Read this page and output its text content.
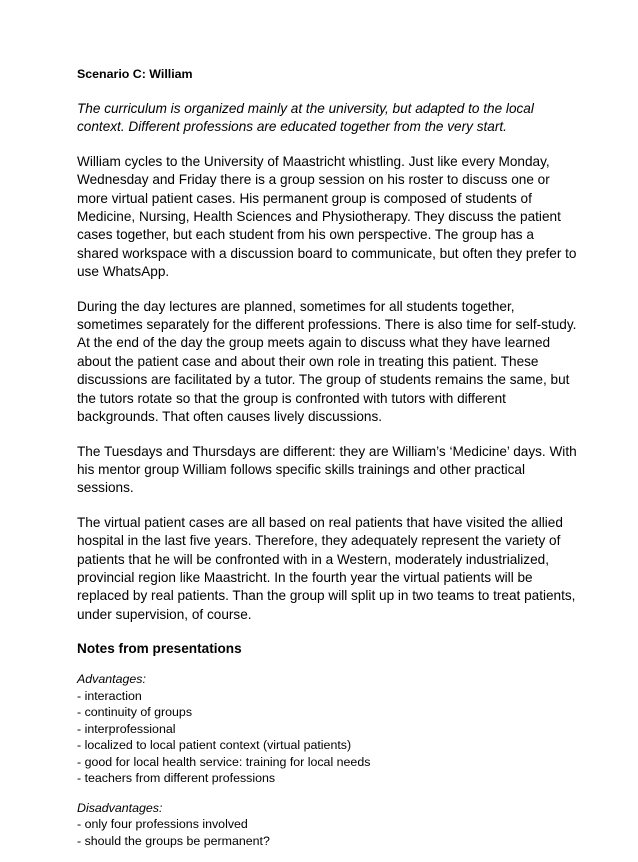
Scenario C: William
The curriculum is organized mainly at the university, but adapted to the local context. Different professions are educated together from the very start.
William cycles to the University of Maastricht whistling. Just like every Monday, Wednesday and Friday there is a group session on his roster to discuss one or more virtual patient cases. His permanent group is composed of students of Medicine, Nursing, Health Sciences and Physiotherapy. They discuss the patient cases together, but each student from his own perspective. The group has a shared workspace with a discussion board to communicate, but often they prefer to use WhatsApp.
During the day lectures are planned, sometimes for all students together, sometimes separately for the different professions. There is also time for self-study. At the end of the day the group meets again to discuss what they have learned about the patient case and about their own role in treating this patient. These discussions are facilitated by a tutor. The group of students remains the same, but the tutors rotate so that the group is confronted with tutors with different backgrounds. That often causes lively discussions.
The Tuesdays and Thursdays are different: they are William’s ‘Medicine’ days. With his mentor group William follows specific skills trainings and other practical sessions.
The virtual patient cases are all based on real patients that have visited the allied hospital in the last five years. Therefore, they adequately represent the variety of patients that he will be confronted with in a Western, moderately industrialized, provincial region like Maastricht. In the fourth year the virtual patients will be replaced by real patients. Than the group will split up in two teams to treat patients, under supervision, of course.
Notes from presentations
Advantages:
- interaction
- continuity of groups
- interprofessional
- localized to local patient context (virtual patients)
- good for local health service: training for local needs
- teachers from different professions
Disadvantages:
- only four professions involved
- should the groups be permanent?
